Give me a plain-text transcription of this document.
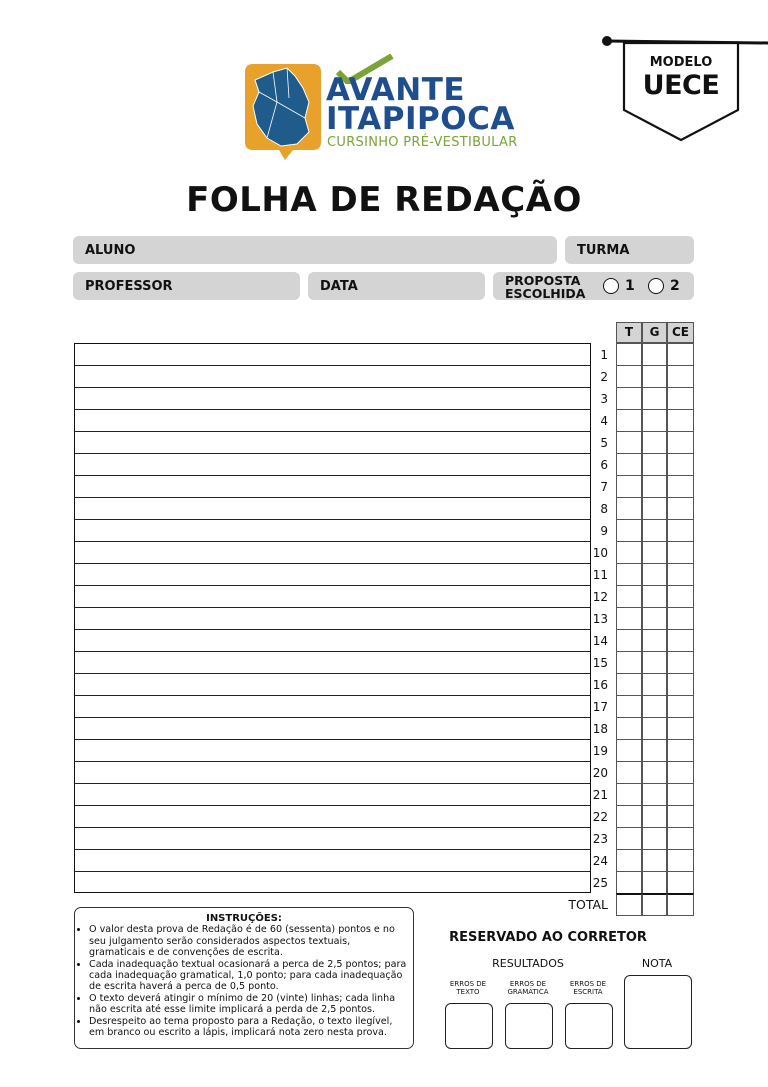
MODELO
UECE
AVANTE
ITAPIPOCA
CURSINHO PRÉ-VESTIBULAR
FOLHA DE REDAÇÃO
ALUNO	TURMA
PROFESSOR	DATA	PROPOSTA ESCOLHIDA	1	2
1
2
3
4
5
6
7
8
9
10
11
12
13
14
15
16
17
18
19
20
21
22
23
24
25
T	G	CE
TOTAL
INSTRUÇÕES:
• O valor desta prova de Redação é de 60 (sessenta) pontos e no seu julgamento serão considerados aspectos textuais, gramaticais e de convenções de escrita.
• Cada inadequação textual ocasionará a perca de 2,5 pontos; para cada inadequação gramatical, 1,0 ponto; para cada inadequação de escrita haverá a perca de 0,5 ponto.
• O texto deverá atingir o mínimo de 20 (vinte) linhas; cada linha não escrita até esse limite implicará a perda de 2,5 pontos.
• Desrespeito ao tema proposto para a Redação, o texto ilegível, em branco ou escrito a lápis, implicará nota zero nesta prova.
RESERVADO AO CORRETOR
RESULTADOS	NOTA
ERROS DE TEXTO
ERROS DE GRAMÁTICA
ERROS DE ESCRITA
